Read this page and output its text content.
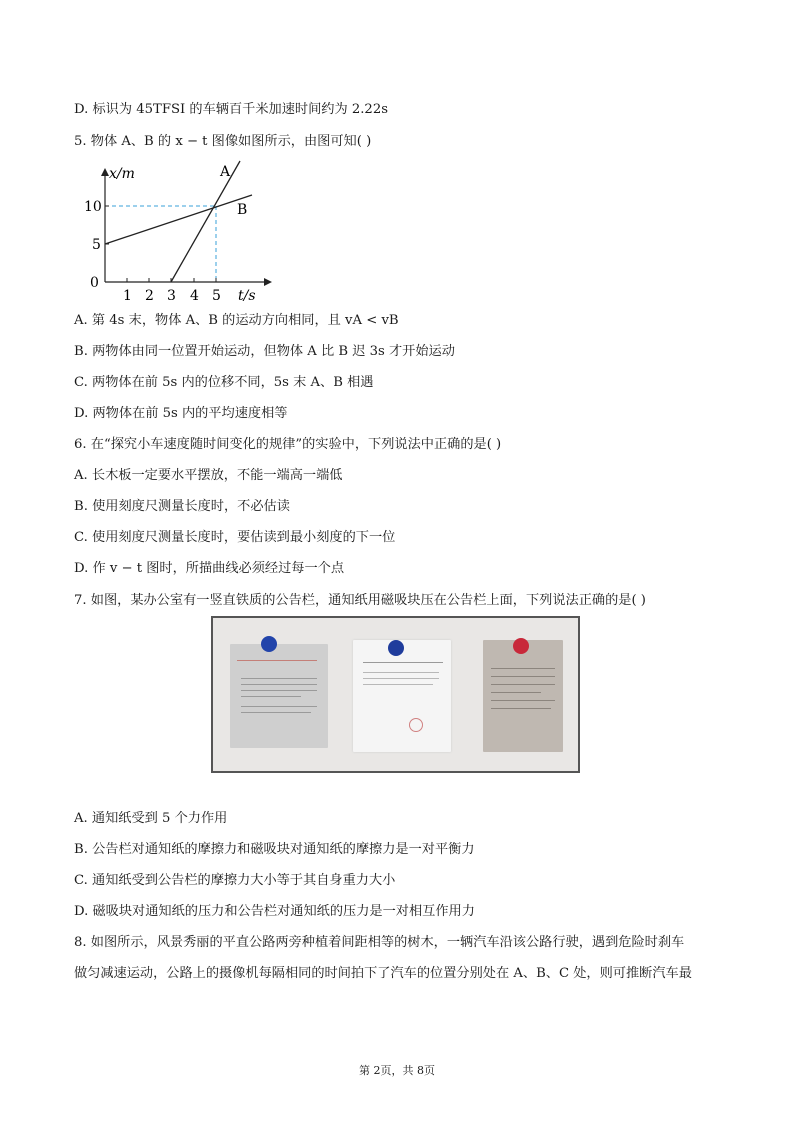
D. 标识为 45TFSI 的车辆百千米加速时间约为 2.22s
5. 物体 A、B 的 x − t 图像如图所示，由图可知( )
x/m
t/s
0
5
10
1 2 3 4 5
A
B
A. 第 4s 末，物体 A、B 的运动方向相同，且 vA < vB
B. 两物体由同一位置开始运动，但物体 A 比 B 迟 3s 才开始运动
C. 两物体在前 5s 内的位移不同，5s 末 A、B 相遇
D. 两物体在前 5s 内的平均速度相等
6. 在“探究小车速度随时间变化的规律”的实验中，下列说法中正确的是( )
A. 长木板一定要水平摆放，不能一端高一端低
B. 使用刻度尺测量长度时，不必估读
C. 使用刻度尺测量长度时，要估读到最小刻度的下一位
D. 作 v − t 图时，所描曲线必须经过每一个点
7. 如图，某办公室有一竖直铁质的公告栏，通知纸用磁吸块压在公告栏上面，下列说法正确的是( )
A. 通知纸受到 5 个力作用
B. 公告栏对通知纸的摩擦力和磁吸块对通知纸的摩擦力是一对平衡力
C. 通知纸受到公告栏的摩擦力大小等于其自身重力大小
D. 磁吸块对通知纸的压力和公告栏对通知纸的压力是一对相互作用力
8. 如图所示，风景秀丽的平直公路两旁种植着间距相等的树木，一辆汽车沿该公路行驶，遇到危险时刹车
做匀减速运动，公路上的摄像机每隔相同的时间拍下了汽车的位置分别处在 A、B、C 处，则可推断汽车最
第 2页，共 8页
